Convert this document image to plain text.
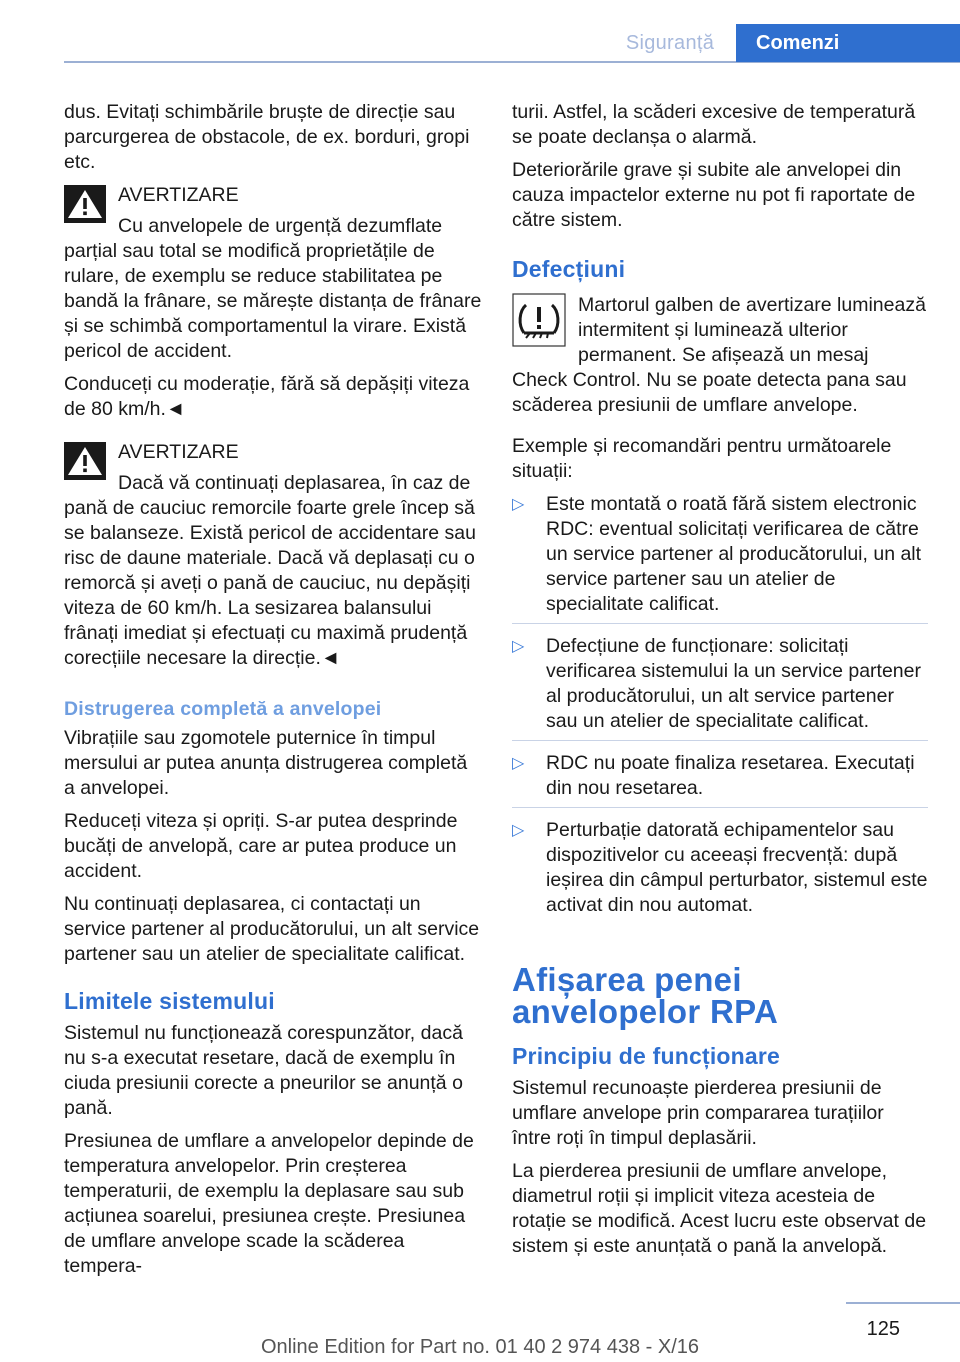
Siguranță	Comenzi

dus. Evitați schimbările bruște de direcție sau parcurgerea de obstacole, de ex. borduri, gropi etc.

AVERTIZARE

Cu anvelopele de urgență dezumflate parțial sau total se modifică proprietățile de rulare, de exemplu se reduce stabilitatea pe bandă la frânare, se mărește distanța de frânare și se schimbă comportamentul la virare. Există pericol de accident.

Conduceți cu moderație, fără să depășiți viteza de 80 km/h.◄

AVERTIZARE

Dacă vă continuați deplasarea, în caz de pană de cauciuc remorcile foarte grele încep să se balanseze. Există pericol de accidentare sau risc de daune materiale. Dacă vă deplasați cu o remorcă și aveți o pană de cauciuc, nu depășiți viteza de 60 km/h. La sesizarea balansului frânați imediat și efectuați cu maximă prudență corecțiile necesare la direcție.◄

Distrugerea completă a anvelopei

Vibrațiile sau zgomotele puternice în timpul mersului ar putea anunța distrugerea completă a anvelopei.

Reduceți viteza și opriți. S-ar putea desprinde bucăți de anvelopă, care ar putea produce un accident.

Nu continuați deplasarea, ci contactați un service partener al producătorului, un alt service partener sau un atelier de specialitate calificat.

Limitele sistemului

Sistemul nu funcționează corespunzător, dacă nu s-a executat resetare, dacă de exemplu în ciuda presiunii corecte a pneurilor se anunță o pană.

Presiunea de umflare a anvelopelor depinde de temperatura anvelopelor. Prin creșterea temperaturii, de exemplu la deplasare sau sub acțiunea soarelui, presiunea crește. Presiunea de umflare anvelope scade la scăderea tempera-

turii. Astfel, la scăderi excesive de temperatură se poate declanșa o alarmă.

Deteriorările grave și subite ale anvelopei din cauza impactelor externe nu pot fi raportate de către sistem.

Defecțiuni

Martorul galben de avertizare luminează intermitent și luminează ulterior permanent. Se afișează un mesaj Check Control. Nu se poate detecta pana sau scăderea presiunii de umflare anvelope.

Exemple și recomandări pentru următoarele situații:

▷ Este montată o roată fără sistem electronic RDC: eventual solicitați verificarea de către un service partener al producătorului, un alt service partener sau un atelier de specialitate calificat.
▷ Defecțiune de funcționare: solicitați verificarea sistemului la un service partener al producătorului, un alt service partener sau un atelier de specialitate calificat.
▷ RDC nu poate finaliza resetarea. Executați din nou resetarea.
▷ Perturbație datorată echipamentelor sau dispozitivelor cu aceeași frecvență: după ieșirea din câmpul perturbator, sistemul este activat din nou automat.
Afișarea penei anvelopelor RPA
Principiu de funcționare

Sistemul recunoaște pierderea presiunii de umflare anvelope prin compararea turațiilor între roți în timpul deplasării.

La pierderea presiunii de umflare anvelope, diametrul roții și implicit viteza acesteia de rotație se modifică. Acest lucru este observat de sistem și este anunțată o pană la anvelopă.

125
Online Edition for Part no. 01 40 2 974 438 - X/16
